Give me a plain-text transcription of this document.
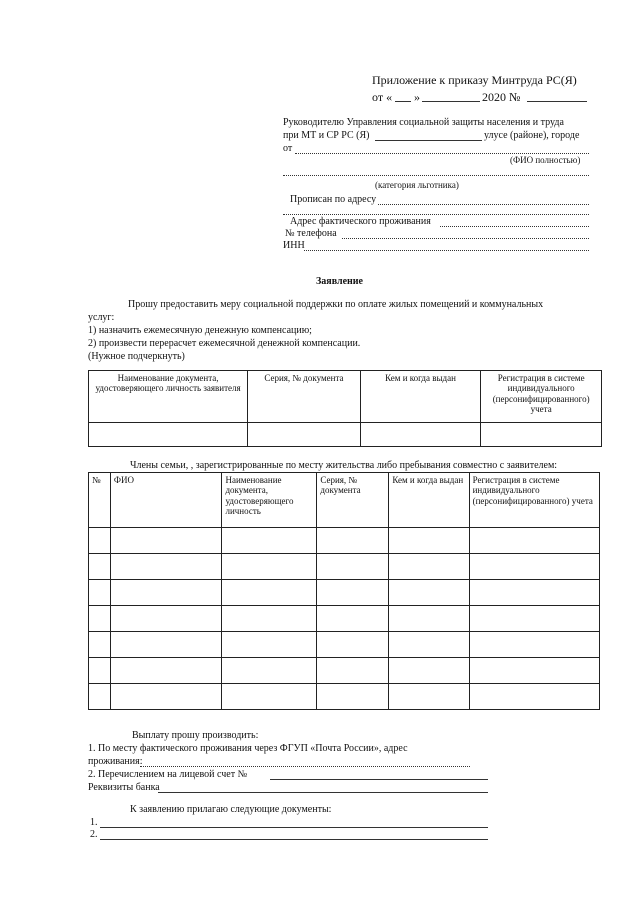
Приложение к приказу Минтруда РС(Я)
от « »	2020 №
Руководителю Управления социальной защиты населения и труда
при МТ и СР РС (Я)	улусе (районе), городе
от
(ФИО полностью)
(категория льготника)
Прописан по адресу
Адрес фактического проживания
№ телефона
ИНН
Заявление
Прошу предоставить меру социальной поддержки по оплате жилых помещений и коммунальных
услуг:
1) назначить ежемесячную денежную компенсацию;
2) произвести перерасчет ежемесячной денежной компенсации.
(Нужное подчеркнуть)
Наименование документа, удостоверяющего личность заявителя	Серия, № документа	Кем и когда выдан	Регистрация в системе индивидуального (персонифицированного) учета

Члены семьи, , зарегистрированные по месту жительства либо пребывания совместно с заявителем:
№	ФИО	Наименование документа, удостоверяющего личность	Серия, № документа	Кем и когда выдан	Регистрация в системе индивидуального (персонифицированного) учета

Выплату прошу производить:
1. По месту фактического проживания через ФГУП «Почта России», адрес
проживания:
2. Перечислением на лицевой счет №
Реквизиты банка
К заявлению прилагаю следующие документы:
1.
2.
